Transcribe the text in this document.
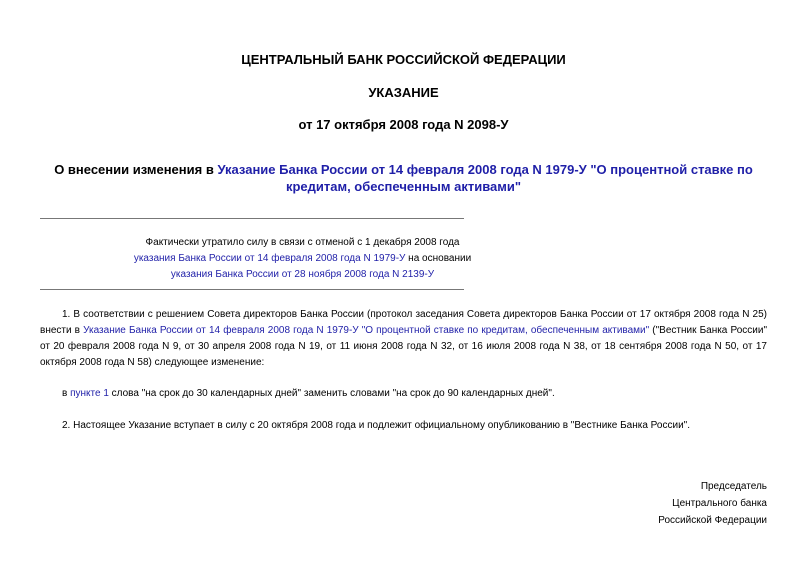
ЦЕНТРАЛЬНЫЙ БАНК РОССИЙСКОЙ ФЕДЕРАЦИИ
УКАЗАНИЕ
от 17 октября 2008 года N 2098-У
О внесении изменения в Указание Банка России от 14 февраля 2008 года N 1979-У "О процентной ставке по кредитам, обеспеченным активами"
Фактически утратило силу в связи с отменой с 1 декабря 2008 года
указания Банка России от 14 февраля 2008 года N 1979-У на основании
указания Банка России от 28 ноября 2008 года N 2139-У
1. В соответствии с решением Совета директоров Банка России (протокол заседания Совета директоров Банка России от 17 октября 2008 года N 25) внести в Указание Банка России от 14 февраля 2008 года N 1979-У "О процентной ставке по кредитам, обеспеченным активами" ("Вестник Банка России" от 20 февраля 2008 года N 9, от 30 апреля 2008 года N 19, от 11 июня 2008 года N 32, от 16 июля 2008 года N 38, от 18 сентября 2008 года N 50, от 17 октября 2008 года N 58) следующее изменение:
в пункте 1 слова "на срок до 30 календарных дней" заменить словами "на срок до 90 календарных дней".
2. Настоящее Указание вступает в силу с 20 октября 2008 года и подлежит официальному опубликованию в "Вестнике Банка России".
Председатель
Центрального банка
Российской Федерации
